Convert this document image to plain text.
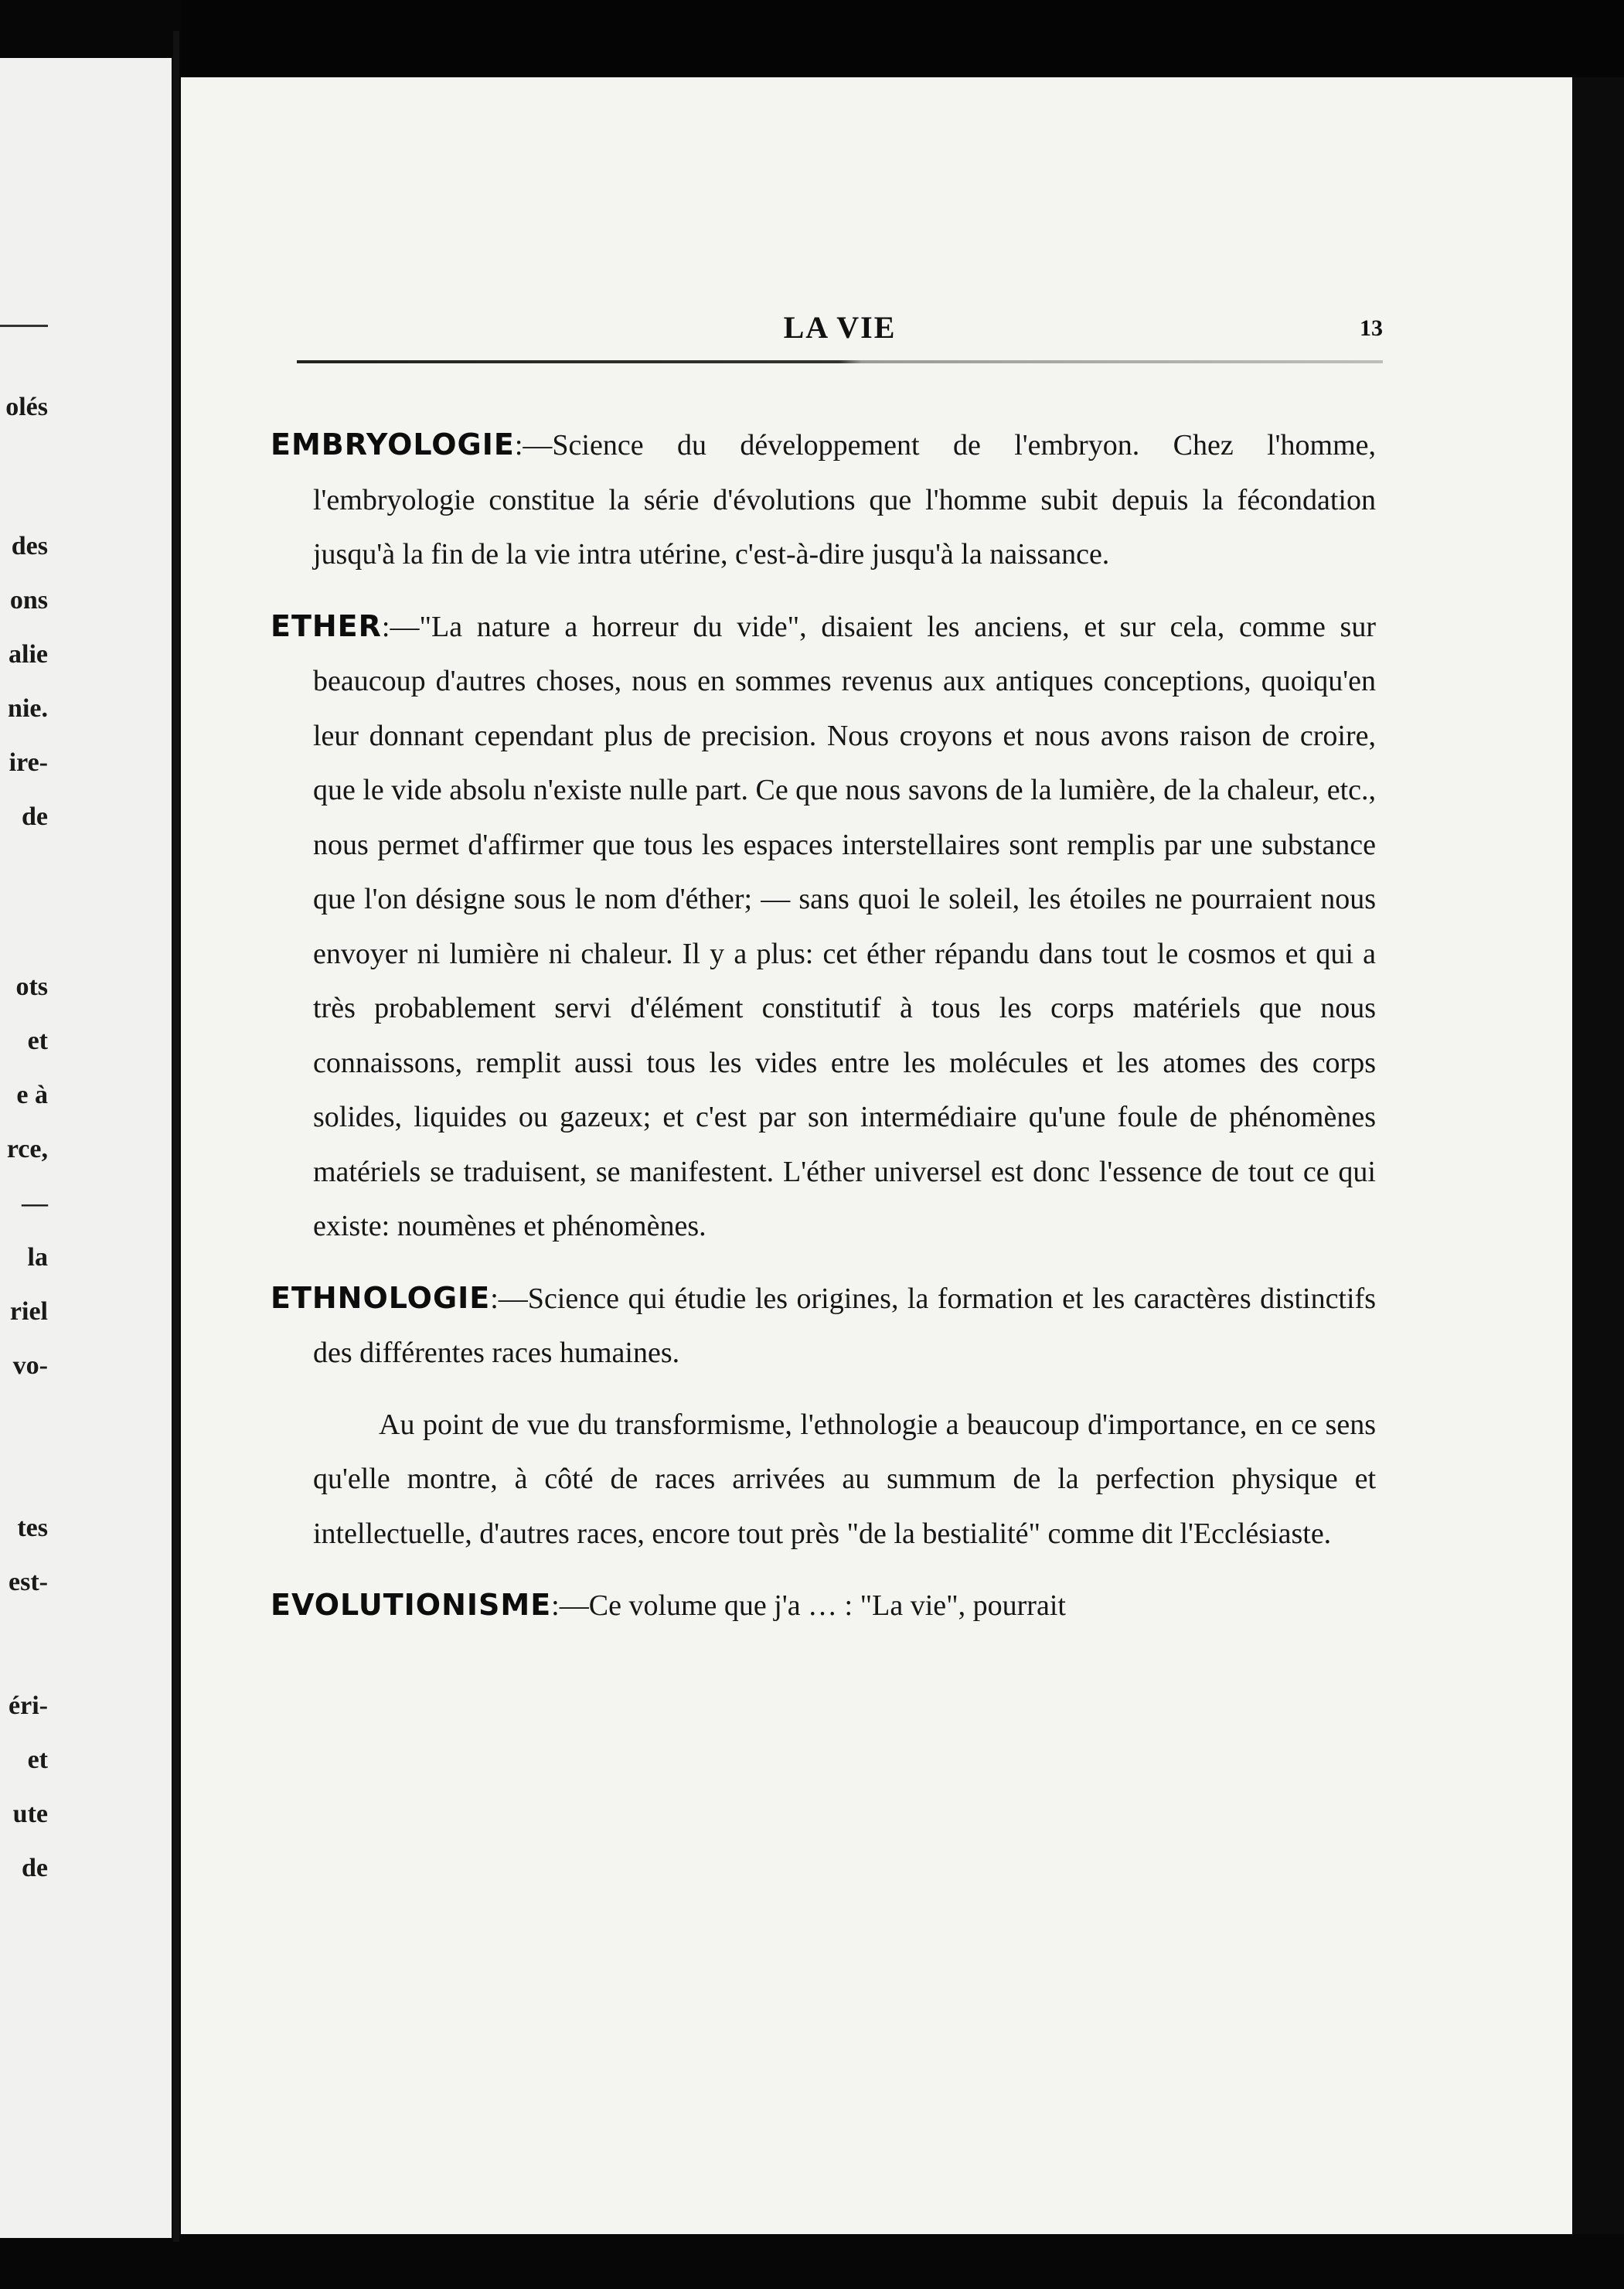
olés
des
ons
alie
nie.
ire-
de
ots
et
e à
rce,
—
la
riel
vo-
tes
est-
éri-
et
ute
de
LA VIE	13

EMBRYOLOGIE:—Science du développement de l'embryon. Chez l'homme, l'embryologie constitue la série d'évolutions que l'homme subit depuis la fécondation jusqu'à la fin de la vie intra utérine, c'est-à-dire jusqu'à la naissance.

ETHER:—"La nature a horreur du vide", disaient les anciens, et sur cela, comme sur beaucoup d'autres choses, nous en sommes revenus aux antiques conceptions, quoiqu'en leur donnant cependant plus de precision. Nous croyons et nous avons raison de croire, que le vide absolu n'existe nulle part. Ce que nous savons de la lumière, de la chaleur, etc., nous permet d'affirmer que tous les espaces interstellaires sont remplis par une substance que l'on désigne sous le nom d'éther; — sans quoi le soleil, les étoiles ne pourraient nous envoyer ni lumière ni chaleur. Il y a plus: cet éther répandu dans tout le cosmos et qui a très probablement servi d'élément constitutif à tous les corps matériels que nous connaissons, remplit aussi tous les vides entre les molécules et les atomes des corps solides, liquides ou gazeux; et c'est par son intermédiaire qu'une foule de phénomènes matériels se traduisent, se manifestent. L'éther universel est donc l'essence de tout ce qui existe: noumènes et phénomènes.

ETHNOLOGIE:—Science qui étudie les origines, la formation et les caractères distinctifs des différentes races humaines.

Au point de vue du transformisme, l'ethnologie a beaucoup d'importance, en ce sens qu'elle montre, à côté de races arrivées au summum de la perfection physique et intellectuelle, d'autres races, encore tout près "de la bestialité" comme dit l'Ecclésiaste.

EVOLUTIONISME:—Ce volume que j'a … : "La vie", pourrait
